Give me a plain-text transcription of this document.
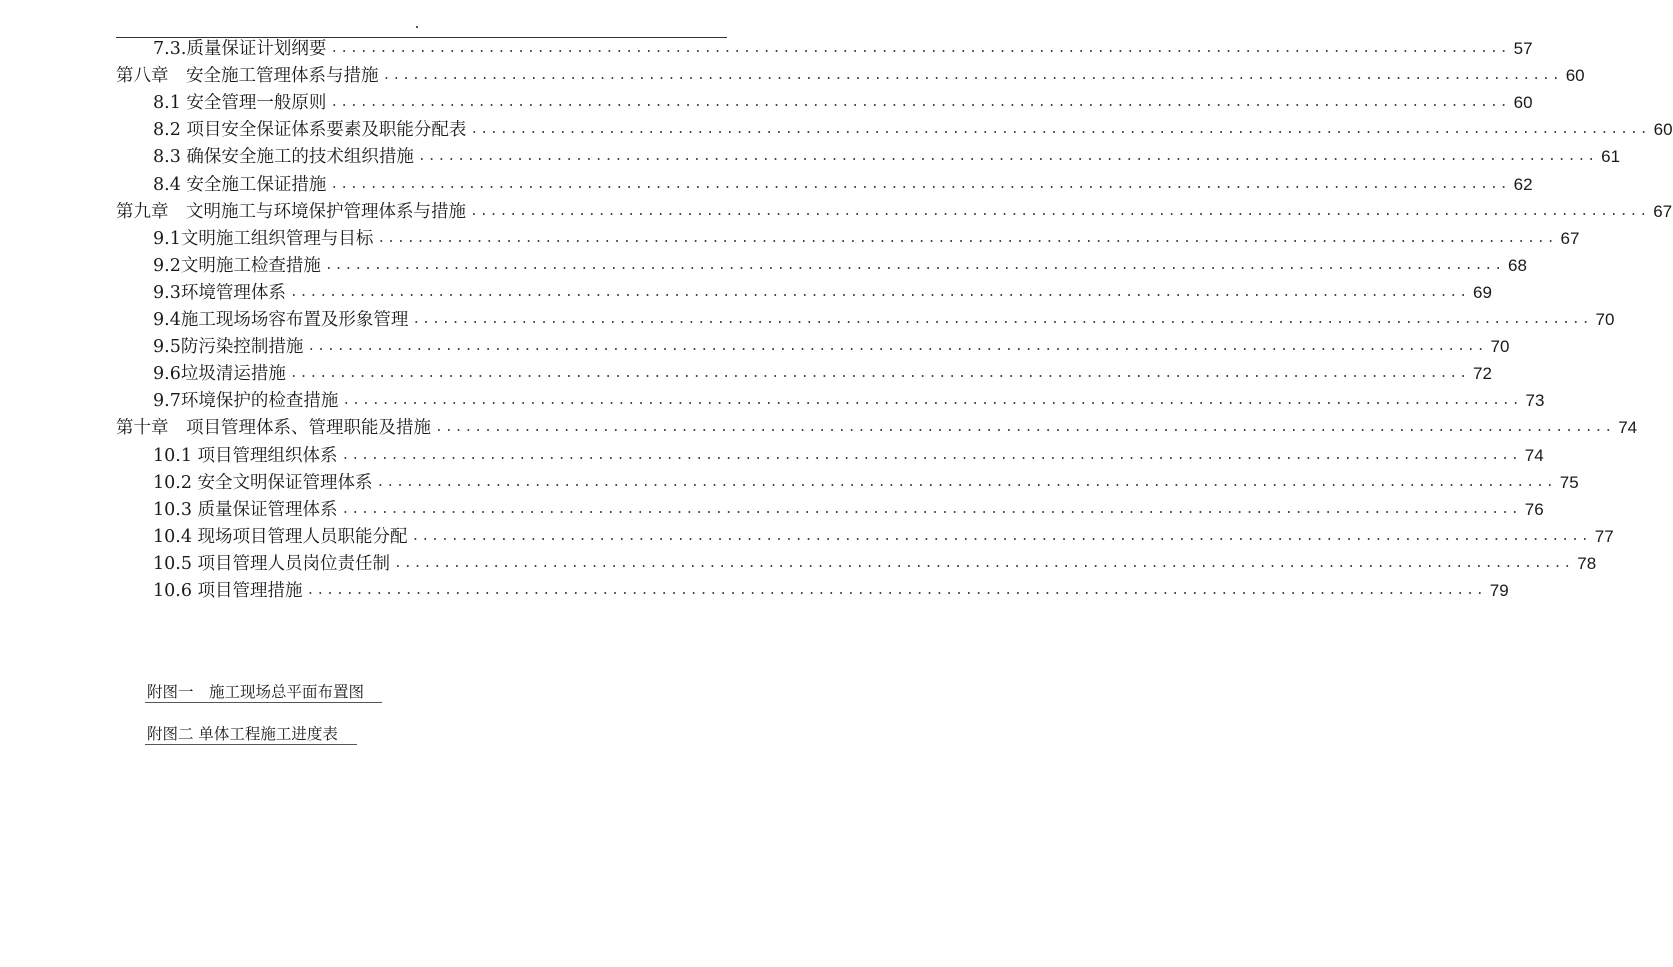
7.3.质量保证计划纲要 ........................................................................................................................ 57
第八章　安全施工管理体系与措施 ........................................................................................................................ 60
8.1 安全管理一般原则 ........................................................................................................................ 60
8.2 项目安全保证体系要素及职能分配表 ........................................................................................................................ 60
8.3 确保安全施工的技术组织措施 ........................................................................................................................ 61
8.4 安全施工保证措施 ........................................................................................................................ 62
第九章　文明施工与环境保护管理体系与措施 ........................................................................................................................ 67
9.1文明施工组织管理与目标 ........................................................................................................................ 67
9.2文明施工检查措施 ........................................................................................................................ 68
9.3环境管理体系 ........................................................................................................................ 69
9.4施工现场场容布置及形象管理 ........................................................................................................................ 70
9.5防污染控制措施 ........................................................................................................................ 70
9.6垃圾清运措施 ........................................................................................................................ 72
9.7环境保护的检查措施 ........................................................................................................................ 73
第十章　项目管理体系、管理职能及措施 ........................................................................................................................ 74
10.1 项目管理组织体系 ........................................................................................................................ 74
10.2 安全文明保证管理体系 ........................................................................................................................ 75
10.3 质量保证管理体系 ........................................................................................................................ 76
10.4 现场项目管理人员职能分配 ........................................................................................................................ 77
10.5 项目管理人员岗位责任制 ........................................................................................................................ 78
10.6 项目管理措施 ........................................................................................................................ 79
附图一　施工现场总平面布置图
附图二 单体工程施工进度表
